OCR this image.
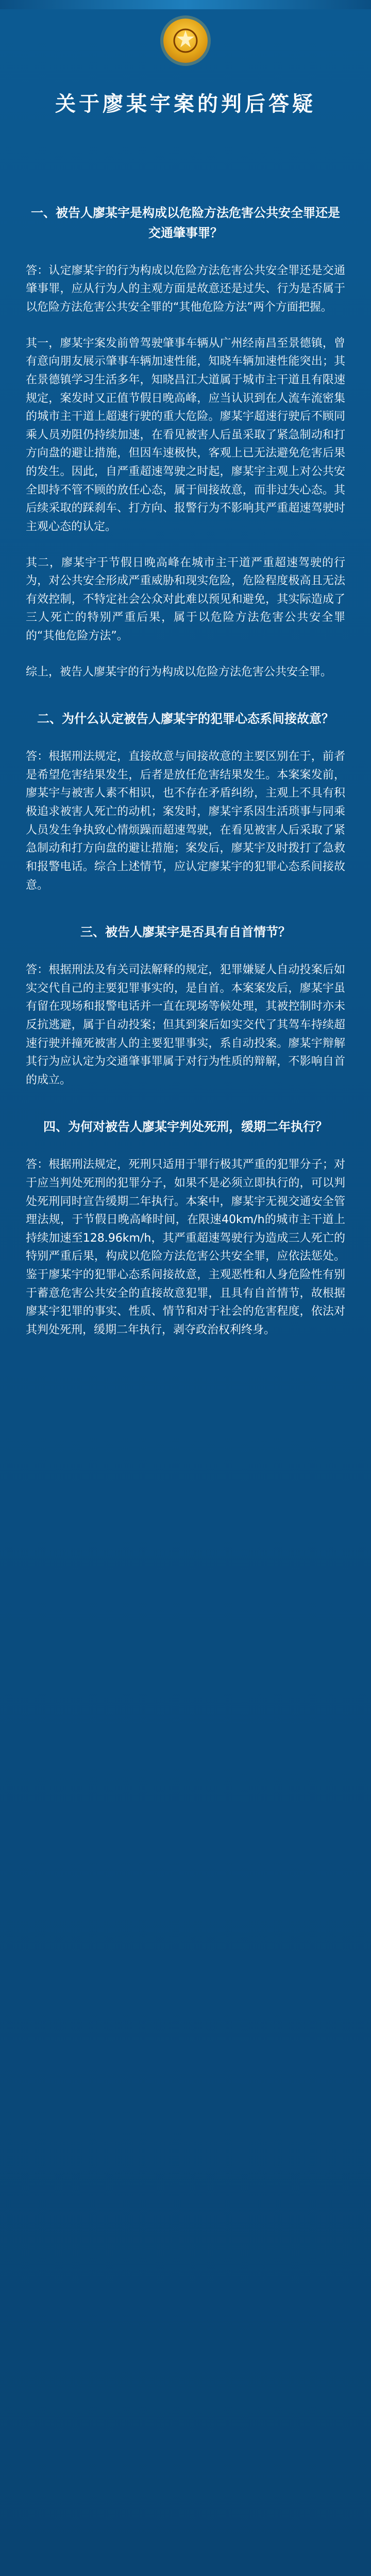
关于廖某宇案的判后答疑
一、被告人廖某宇是构成以危险方法危害公共安全罪还是交通肇事罪？

答：认定廖某宇的行为构成以危险方法危害公共安全罪还是交通肇事罪，应从行为人的主观方面是故意还是过失、行为是否属于以危险方法危害公共安全罪的“其他危险方法”两个方面把握。

其一，廖某宇案发前曾驾驶肇事车辆从广州经南昌至景德镇，曾有意向朋友展示肇事车辆加速性能，知晓车辆加速性能突出；其在景德镇学习生活多年，知晓昌江大道属于城市主干道且有限速规定，案发时又正值节假日晚高峰，应当认识到在人流车流密集的城市主干道上超速行驶的重大危险。廖某宇超速行驶后不顾同乘人员劝阻仍持续加速，在看见被害人后虽采取了紧急制动和打方向盘的避让措施，但因车速极快，客观上已无法避免危害后果的发生。因此，自严重超速驾驶之时起，廖某宇主观上对公共安全即持不管不顾的放任心态，属于间接故意，而非过失心态。其后续采取的踩刹车、打方向、报警行为不影响其严重超速驾驶时主观心态的认定。

其二，廖某宇于节假日晚高峰在城市主干道严重超速驾驶的行为，对公共安全形成严重威胁和现实危险，危险程度极高且无法有效控制，不特定社会公众对此难以预见和避免，其实际造成了三人死亡的特别严重后果，属于以危险方法危害公共安全罪的“其他危险方法”。

综上，被告人廖某宇的行为构成以危险方法危害公共安全罪。

二、为什么认定被告人廖某宇的犯罪心态系间接故意？

答：根据刑法规定，直接故意与间接故意的主要区别在于，前者是希望危害结果发生，后者是放任危害结果发生。本案案发前，廖某宇与被害人素不相识，也不存在矛盾纠纷，主观上不具有积极追求被害人死亡的动机；案发时，廖某宇系因生活琐事与同乘人员发生争执致心情烦躁而超速驾驶，在看见被害人后采取了紧急制动和打方向盘的避让措施；案发后，廖某宇及时拨打了急救和报警电话。综合上述情节，应认定廖某宇的犯罪心态系间接故意。

三、被告人廖某宇是否具有自首情节？

答：根据刑法及有关司法解释的规定，犯罪嫌疑人自动投案后如实交代自己的主要犯罪事实的，是自首。本案案发后，廖某宇虽有留在现场和报警电话并一直在现场等候处理，其被控制时亦未反抗逃避，属于自动投案；但其到案后如实交代了其驾车持续超速行驶并撞死被害人的主要犯罪事实，系自动投案。廖某宇辩解其行为应认定为交通肇事罪属于对行为性质的辩解，不影响自首的成立。

四、为何对被告人廖某宇判处死刑，缓期二年执行？

答：根据刑法规定，死刑只适用于罪行极其严重的犯罪分子；对于应当判处死刑的犯罪分子，如果不是必须立即执行的，可以判处死刑同时宣告缓期二年执行。本案中，廖某宇无视交通安全管理法规，于节假日晚高峰时间，在限速40km/h的城市主干道上持续加速至128.96km/h，其严重超速驾驶行为造成三人死亡的特别严重后果，构成以危险方法危害公共安全罪，应依法惩处。鉴于廖某宇的犯罪心态系间接故意，主观恶性和人身危险性有别于蓄意危害公共安全的直接故意犯罪，且具有自首情节，故根据廖某宇犯罪的事实、性质、情节和对于社会的危害程度，依法对其判处死刑，缓期二年执行，剥夺政治权利终身。
